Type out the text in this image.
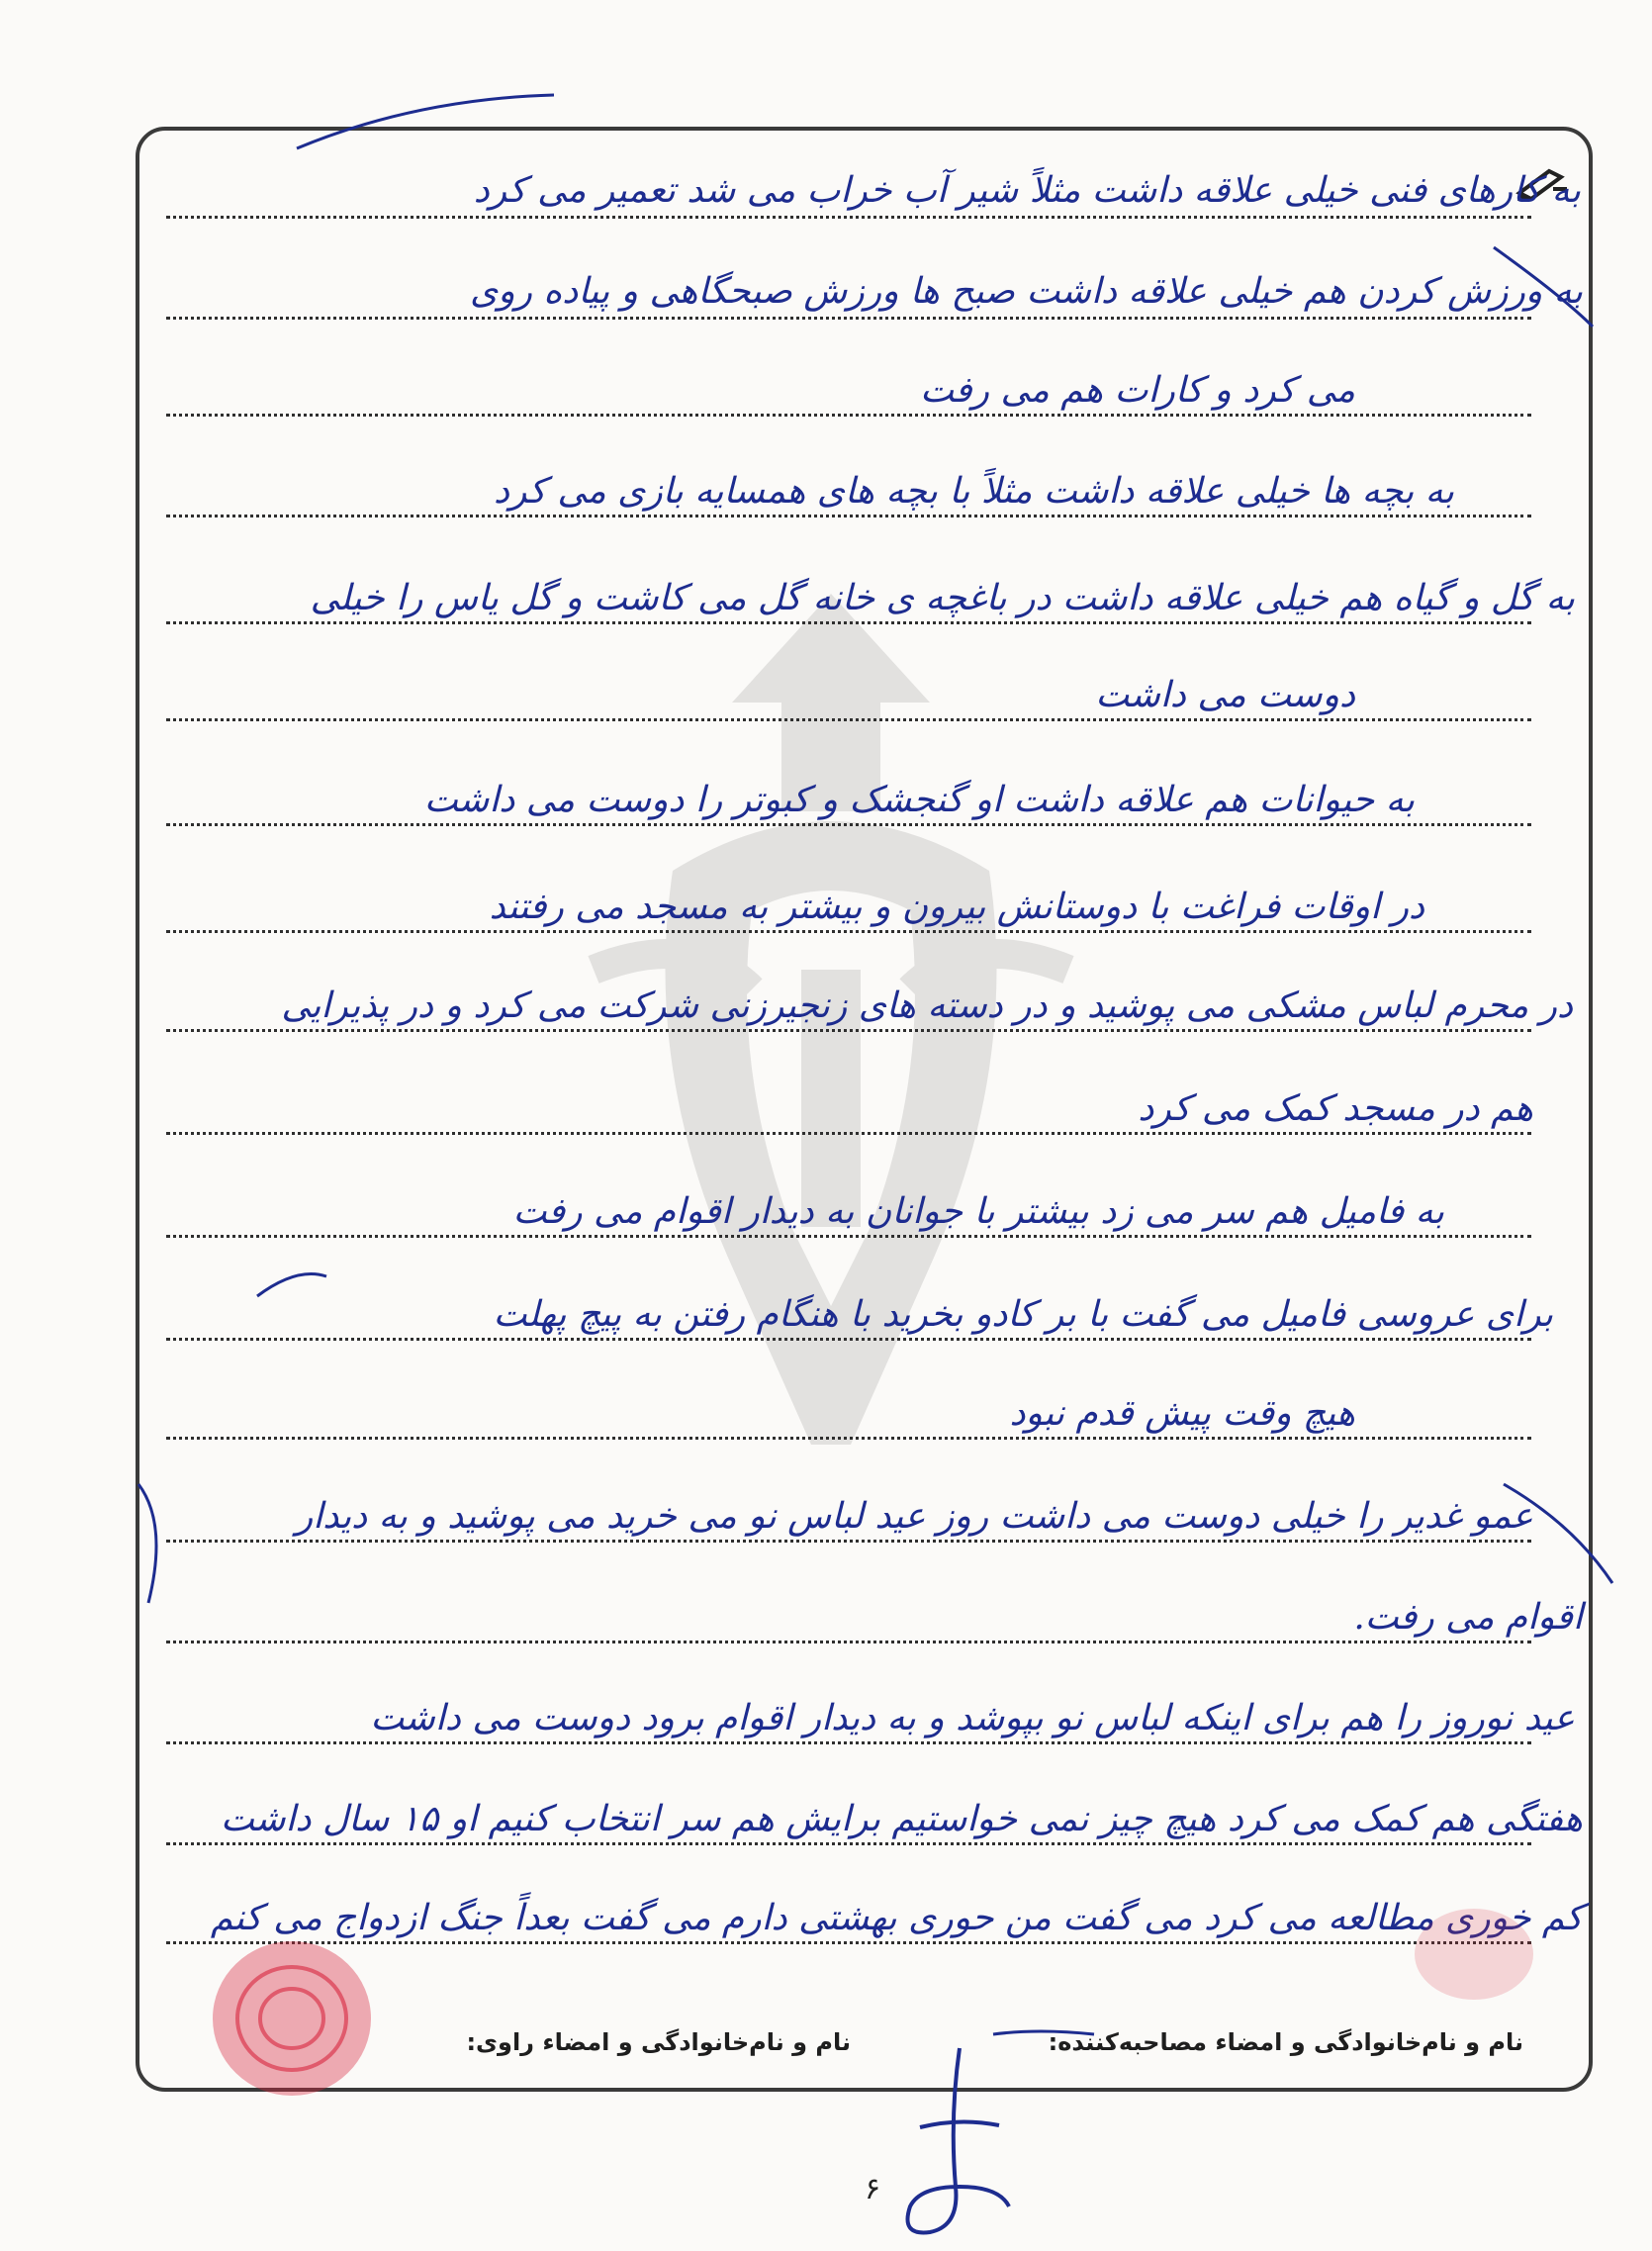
به کارهای فنی خیلی علاقه داشت مثلاً شیر آب خراب می شد تعمیر می کرد
به ورزش کردن هم خیلی علاقه داشت صبح ها ورزش صبحگاهی و پیاده روی
می کرد و کارات هم می رفت
به بچه ها خیلی علاقه داشت مثلاً با بچه های همسایه بازی می کرد
به گل و گیاه هم خیلی علاقه داشت در باغچه ی خانه گل می کاشت و گل یاس را خیلی
دوست می داشت
به حیوانات هم علاقه داشت او گنجشک و کبوتر را دوست می داشت
در اوقات فراغت با دوستانش بیرون و بیشتر به مسجد می رفتند
در محرم لباس مشکی می پوشید و در دسته های زنجیرزنی شرکت می کرد و در پذیرایی
هم در مسجد کمک می کرد
به فامیل هم سر می زد بیشتر با جوانان به دیدار اقوام می رفت
برای عروسی فامیل می گفت با بر کادو بخرید با هنگام رفتن به پیچ پهلت
هیچ وقت پیش قدم نبود
عمو غدیر را خیلی دوست می داشت روز عید لباس نو می خرید می پوشید و به دیدار
اقوام می رفت.
عید نوروز را هم برای اینکه لباس نو بپوشد و به دیدار اقوام برود دوست می داشت
هفتگی هم کمک می کرد هیچ چیز نمی خواستیم برایش هم سر انتخاب کنیم او ۱۵ سال داشت
کم خوری مطالعه می کرد می گفت من حوری بهشتی دارم می گفت بعداً جنگ ازدواج می کنم
نام و نام‌خانوادگی و امضاء مصاحبه‌کننده:
نام و نام‌خانوادگی و امضاء راوی:
۶
